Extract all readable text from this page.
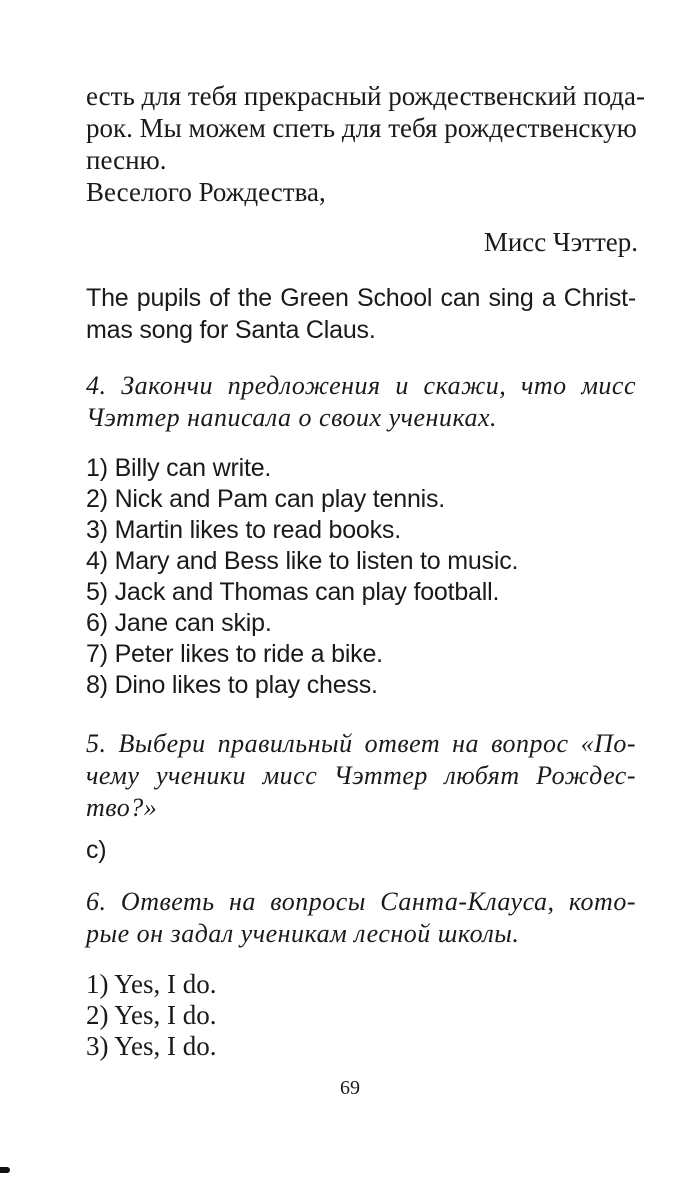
есть для тебя прекрасный рождественский пода-
рок. Мы можем спеть для тебя рождественскую
песню.
Веселого Рождества,
Мисс Чэттер.
The pupils of the Green School can sing a Christ-
mas song for Santa Claus.
4. Закончи предложения и скажи, что мисс
Чэттер написала о своих учениках.
1) Billy can write.
2) Nick and Pam can play tennis.
3) Martin likes to read books.
4) Mary and Bess like to listen to music.
5) Jack and Thomas can play football.
6) Jane can skip.
7) Peter likes to ride a bike.
8) Dino likes to play chess.
5. Выбери правильный ответ на вопрос «По-
чему ученики мисс Чэттер любят Рождес-
тво?»
c)
6. Ответь на вопросы Санта-Клауса, кото-
рые он задал ученикам лесной школы.
1) Yes, I do.
2) Yes, I do.
3) Yes, I do.
69
